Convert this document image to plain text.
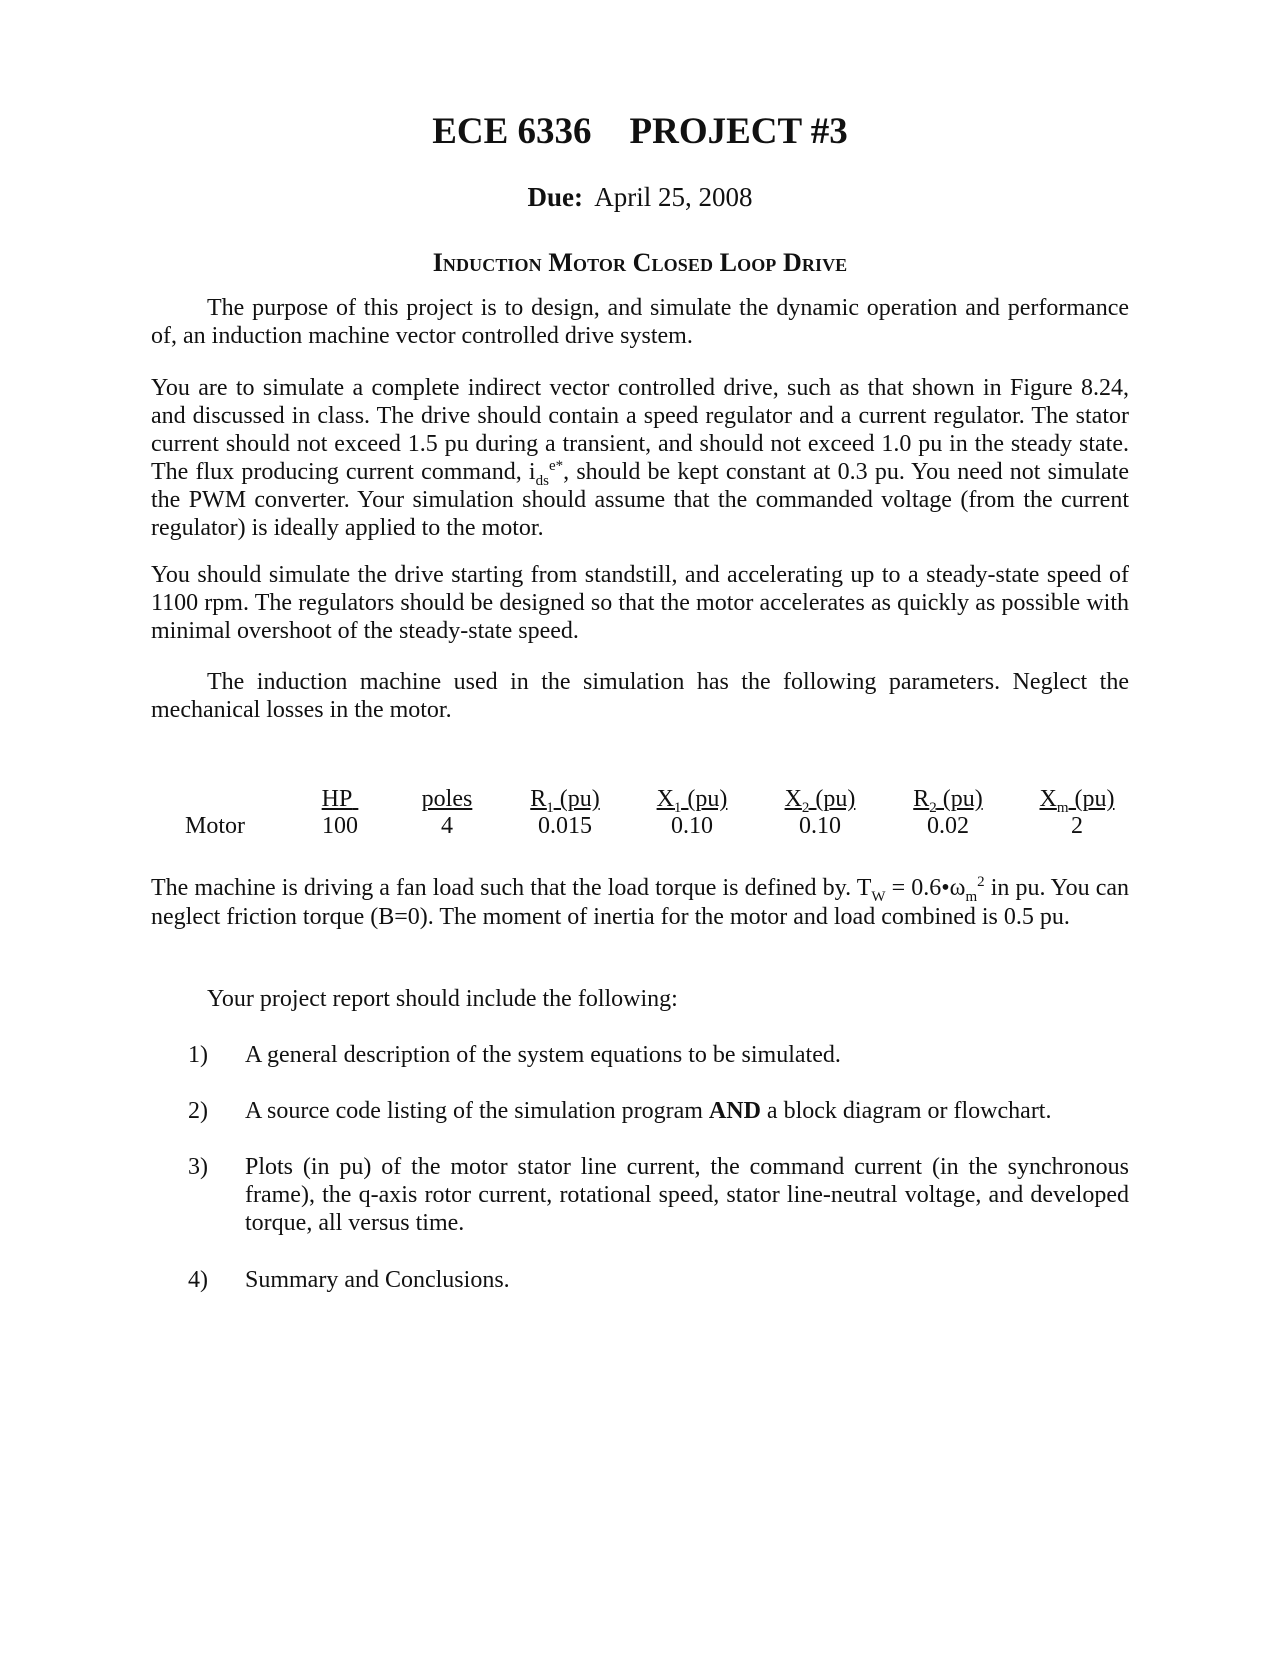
ECE 6336 PROJECT #3
Due: April 25, 2008
Induction Motor Closed Loop Drive
The purpose of this project is to design, and simulate the dynamic operation and performance of, an induction machine vector controlled drive system.
You are to simulate a complete indirect vector controlled drive, such as that shown in Figure 8.24, and discussed in class. The drive should contain a speed regulator and a current regulator. The stator current should not exceed 1.5 pu during a transient, and should not exceed 1.0 pu in the steady state. The flux producing current command, $i_{ds}^{e*}$, should be kept constant at 0.3 pu. You need not simulate the PWM converter. Your simulation should assume that the commanded voltage (from the current regulator) is ideally applied to the motor.
You should simulate the drive starting from standstill, and accelerating up to a steady-state speed of 1100 rpm. The regulators should be designed so that the motor accelerates as quickly as possible with minimal overshoot of the steady-state speed.
The induction machine used in the simulation has the following parameters. Neglect the mechanical losses in the motor.
Motor
HP
100
poles
4
$R_1$ (pu)
0.015
$X_1$ (pu)
0.10
$X_2$ (pu)
0.10
$R_2$ (pu)
0.02
$X_m$ (pu)
2
The machine is driving a fan load such that the load torque is defined by. $T_W$ = $0.6•\omega_m^2$ in pu. You can neglect friction torque (B=0). The moment of inertia for the motor and load combined is 0.5 pu.
Your project report should include the following:
1) A general description of the system equations to be simulated.
2) A source code listing of the simulation program AND a block diagram or flowchart.
3) Plots (in pu) of the motor stator line current, the command current (in the synchronous frame), the q-axis rotor current, rotational speed, stator line-neutral voltage, and developed torque, all versus time.
4) Summary and Conclusions.
